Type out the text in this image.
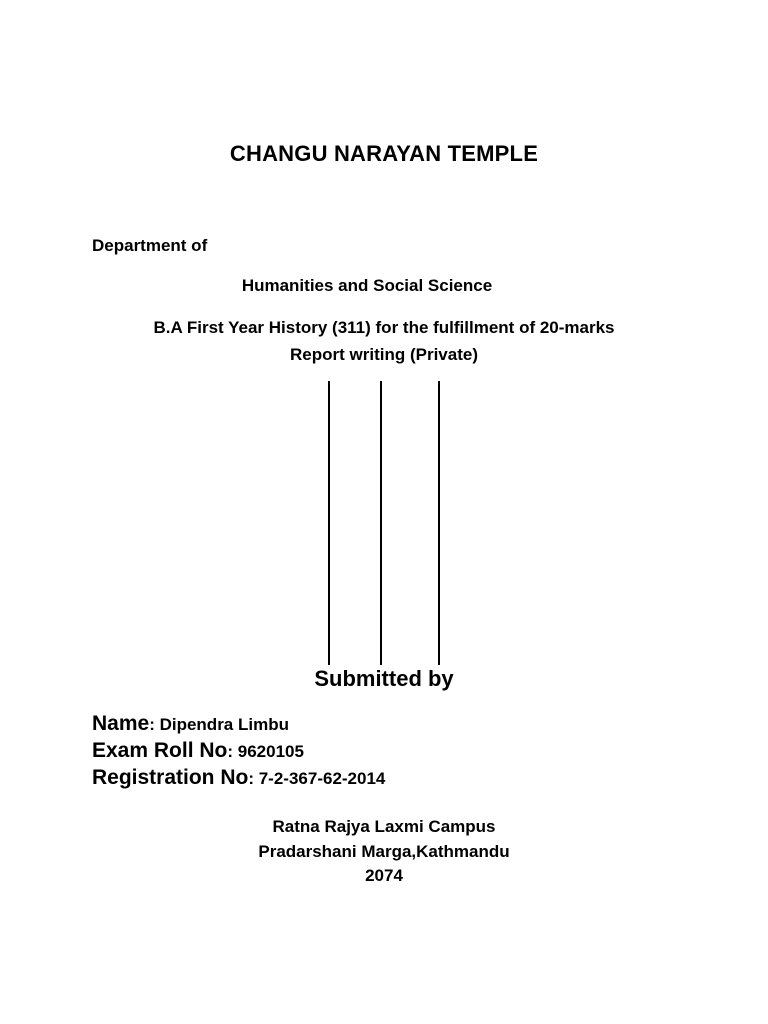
CHANGU NARAYAN TEMPLE
Department of
Humanities and Social Science
B.A First Year History (311) for the fulfillment of 20-marks
Report writing (Private)
Submitted by
Name: Dipendra Limbu
Exam Roll No: 9620105
Registration No: 7-2-367-62-2014
Ratna Rajya Laxmi Campus
Pradarshani Marga,Kathmandu
2074
